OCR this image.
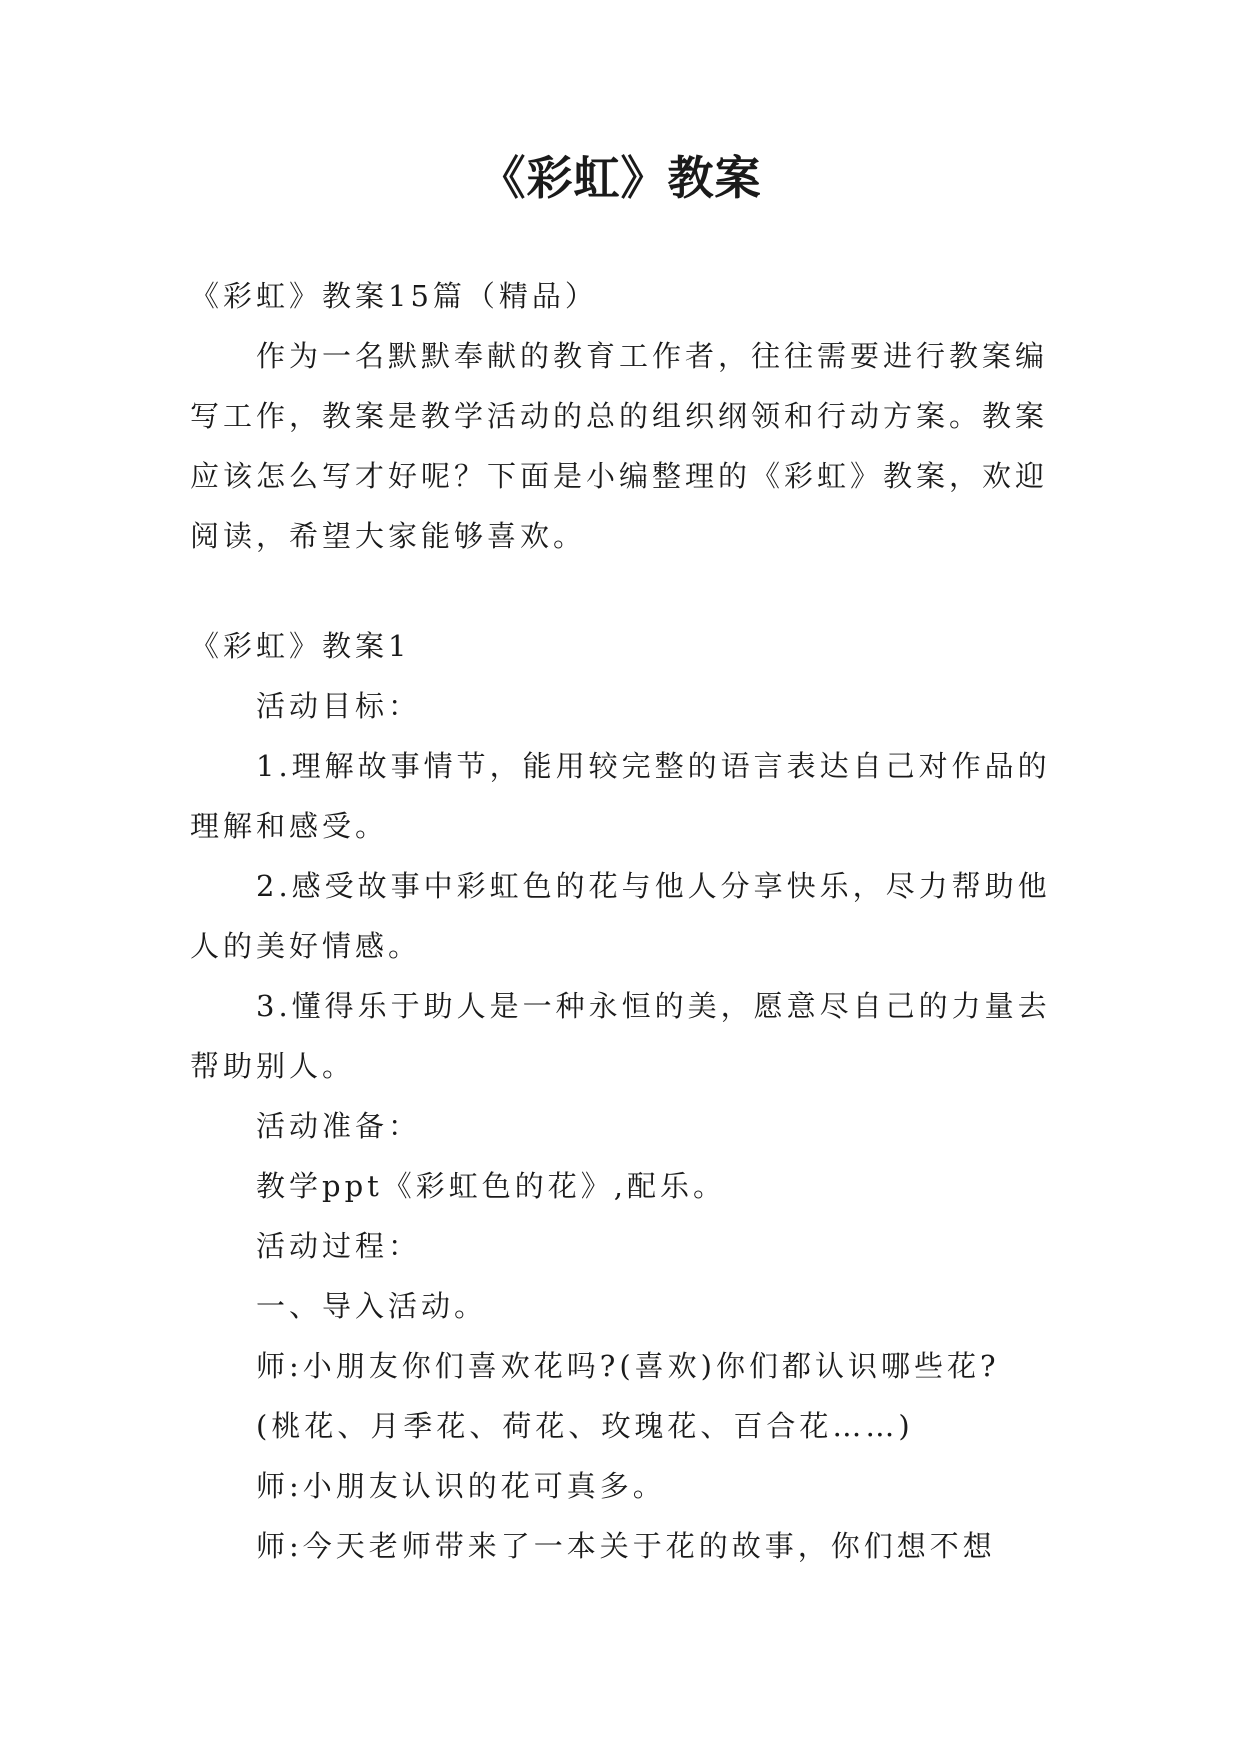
《彩虹》教案
《彩虹》教案15篇（精品）
作为一名默默奉献的教育工作者，往往需要进行教案编
写工作，教案是教学活动的总的组织纲领和行动方案。教案
应该怎么写才好呢？下面是小编整理的《彩虹》教案，欢迎
阅读，希望大家能够喜欢。
《彩虹》教案1
活动目标：
1.理解故事情节，能用较完整的语言表达自己对作品的
理解和感受。
2.感受故事中彩虹色的花与他人分享快乐，尽力帮助他
人的美好情感。
3.懂得乐于助人是一种永恒的美，愿意尽自己的力量去
帮助别人。
活动准备：
教学ppt《彩虹色的花》,配乐。
活动过程：
一、导入活动。
师:小朋友你们喜欢花吗?(喜欢)你们都认识哪些花?
(桃花、月季花、荷花、玫瑰花、百合花……)
师:小朋友认识的花可真多。
师:今天老师带来了一本关于花的故事，你们想不想
